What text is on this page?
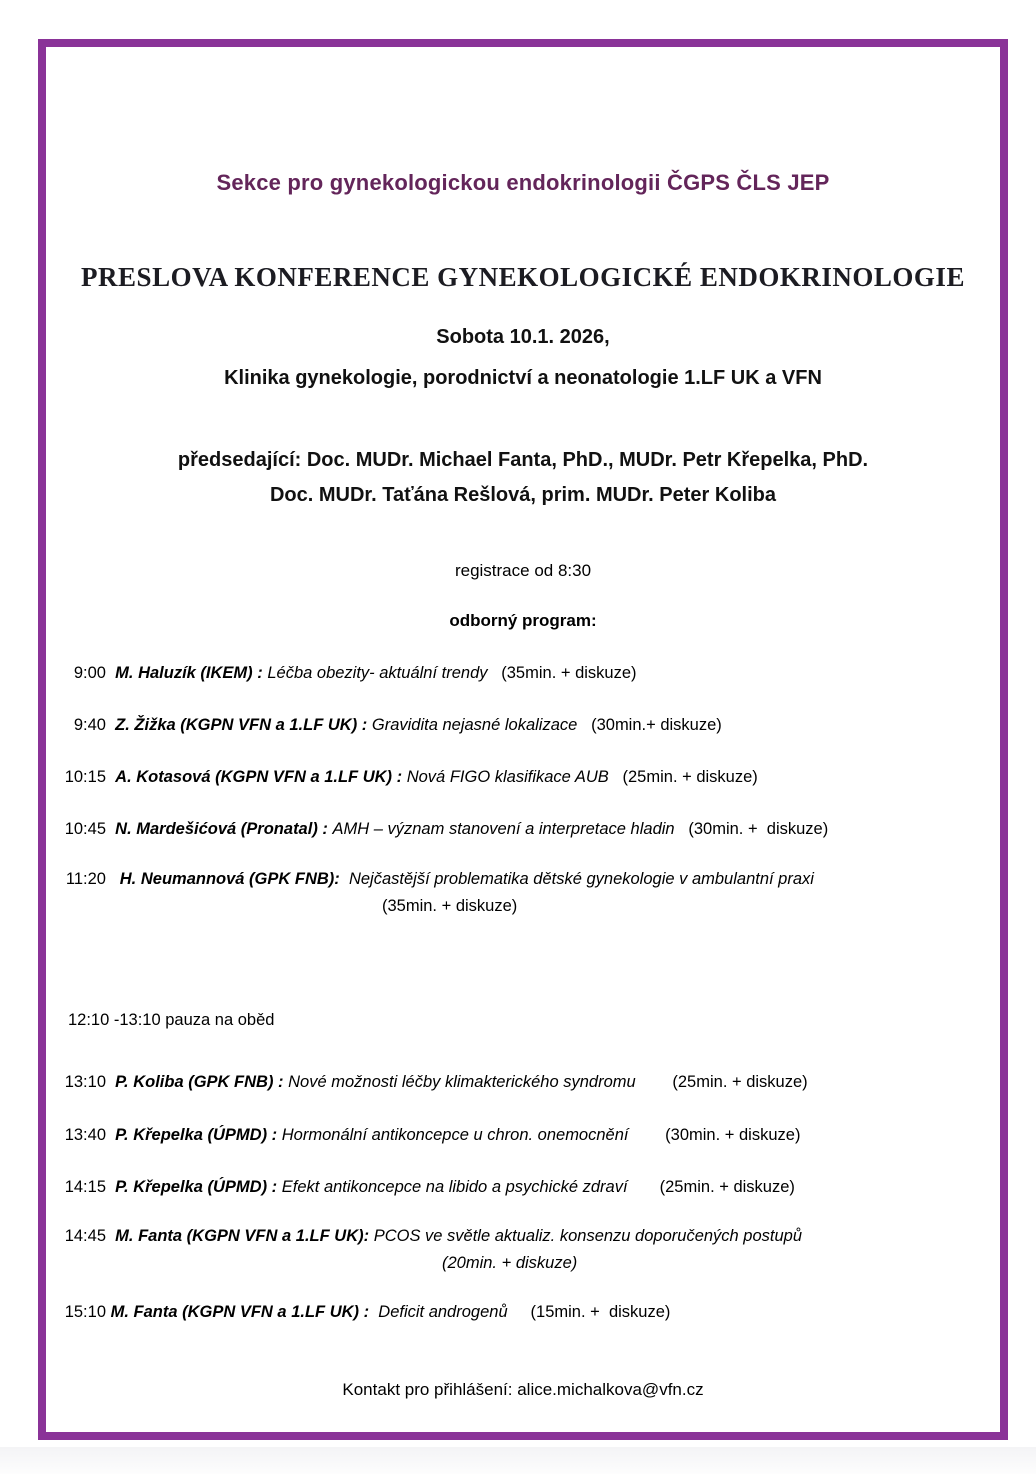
Sekce pro gynekologickou endokrinologii ČGPS ČLS JEP
PRESLOVA KONFERENCE GYNEKOLOGICKÉ ENDOKRINOLOGIE
Sobota 10.1. 2026,
Klinika gynekologie, porodnictví a neonatologie 1.LF UK a VFN
předsedající: Doc. MUDr. Michael Fanta, PhD., MUDr. Petr Křepelka, PhD.
Doc. MUDr. Taťána Rešlová, prim. MUDr. Peter Koliba
registrace od 8:30
odborný program:
12:10 -13:10 pauza na oběd
Kontakt pro přihlášení: alice.michalkova@vfn.cz
9:00 M. Haluzík (IKEM) : Léčba obezity- aktuální trendy (35min. + diskuze)
9:40 Z. Žižka (KGPN VFN a 1.LF UK) : Gravidita nejasné lokalizace (30min.+ diskuze)
10:15 A. Kotasová (KGPN VFN a 1.LF UK) : Nová FIGO klasifikace AUB (25min. + diskuze)
10:45 N. Mardešićová (Pronatal) : AMH – význam stanovení a interpretace hladin (30min. +  diskuze)
11:20 H. Neumannová (GPK FNB): Nejčastější problematika dětské gynekologie v ambulantní praxi
(35min. + diskuze)
13:10 P. Koliba (GPK FNB) : Nové možnosti léčby klimakterického syndromu (25min. + diskuze)
13:40 P. Křepelka (ÚPMD) : Hormonální antikoncepce u chron. onemocnění (30min. + diskuze)
14:15 P. Křepelka (ÚPMD) : Efekt antikoncepce na libido a psychické zdraví (25min. + diskuze)
14:45 M. Fanta (KGPN VFN a 1.LF UK): PCOS ve světle aktualiz. konsenzu doporučených postupů
(20min. + diskuze)
15:10 M. Fanta (KGPN VFN a 1.LF UK) : Deficit androgenů (15min. +  diskuze)
